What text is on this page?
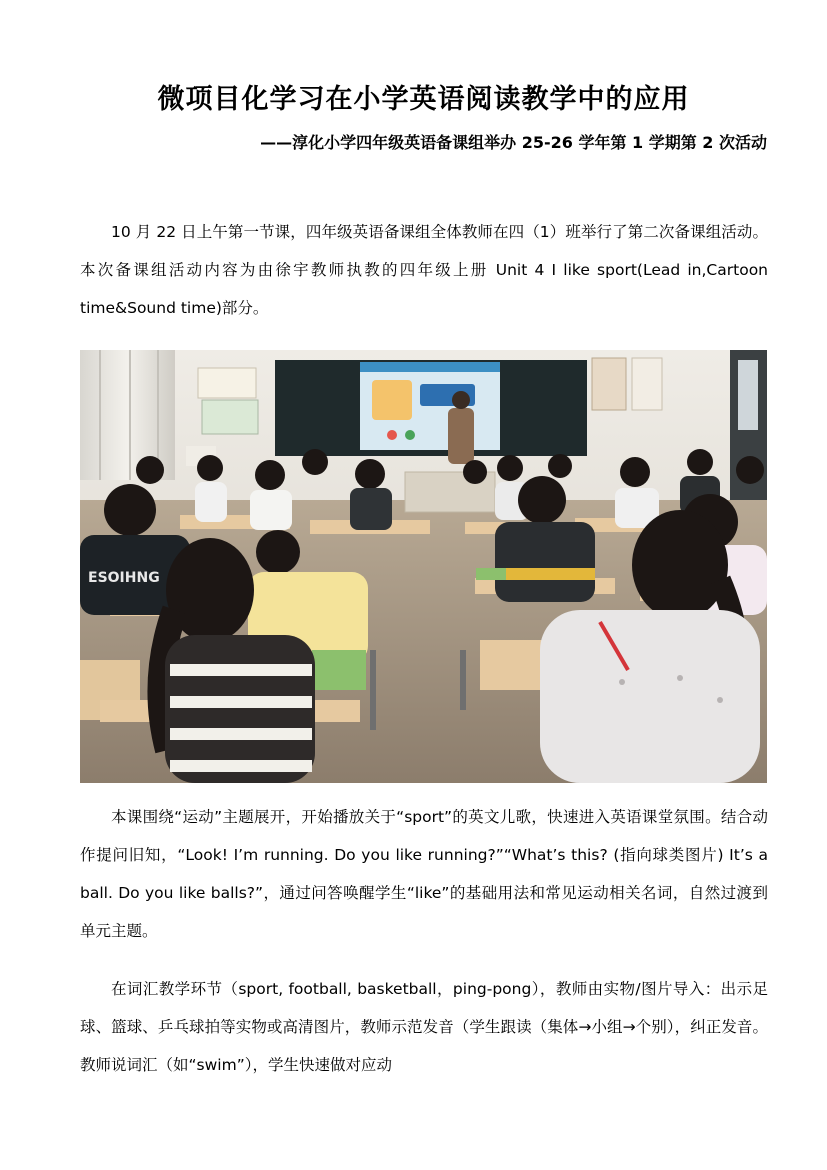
微项目化学习在小学英语阅读教学中的应用

——淳化小学四年级英语备课组举办 25-26 学年第 1 学期第 2 次活动

10 月 22 日上午第一节课，四年级英语备课组全体教师在四（1）班举行了第二次备课组活动。本次备课组活动内容为由徐宇教师执教的四年级上册 Unit 4 I like sport(Lead in,Cartoon time&Sound time)部分。

ESOIHNG

本课围绕“运动”主题展开，开始播放关于“sport”的英文儿歌，快速进入英语课堂氛围。结合动作提问旧知，“Look! I’m running. Do you like running?”“What’s this? (指向球类图片) It’s a ball. Do you like balls?”，通过问答唤醒学生“like”的基础用法和常见运动相关名词，自然过渡到单元主题。

在词汇教学环节（sport, football, basketball，ping-pong），教师由实物/图片导入：出示足球、篮球、乒乓球拍等实物或高清图片，教师示范发音（学生跟读（集体→小组→个别），纠正发音。教师说词汇（如“swim”），学生快速做对应动
